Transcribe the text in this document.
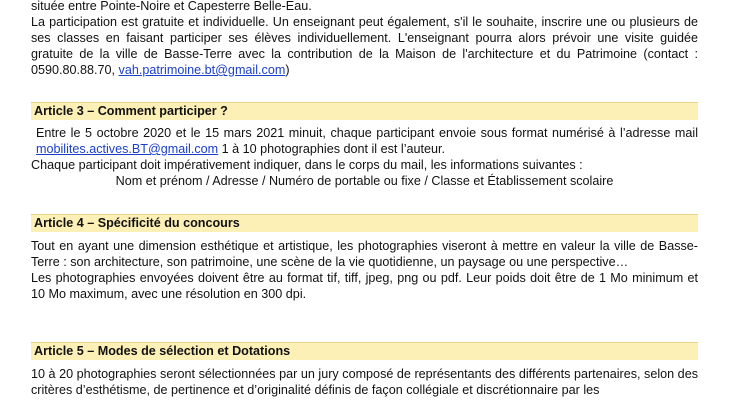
située entre Pointe-Noire et Capesterre Belle-Eau.

La participation est gratuite et individuelle. Un enseignant peut également, s'il le souhaite, inscrire une ou plusieurs de ses classes en faisant participer ses élèves individuellement. L'enseignant pourra alors prévoir une visite guidée gratuite de la ville de Basse-Terre avec la contribution de la Maison de l'architecture et du Patrimoine (contact : 0590.80.88.70, vah.patrimoine.bt@gmail.com)

Article 3 – Comment participer ?

Entre le 5 octobre 2020 et le 15 mars 2021 minuit, chaque participant envoie sous format numérisé à l’adresse mail mobilites.actives.BT@gmail.com 1 à 10 photographies dont il est l’auteur.

Chaque participant doit impérativement indiquer, dans le corps du mail, les informations suivantes :

Nom et prénom / Adresse / Numéro de portable ou fixe / Classe et Établissement scolaire

Article 4 – Spécificité du concours

Tout en ayant une dimension esthétique et artistique, les photographies viseront à mettre en valeur la ville de Basse-Terre : son architecture, son patrimoine, une scène de la vie quotidienne, un paysage ou une perspective…

Les photographies envoyées doivent être au format tif, tiff, jpeg, png ou pdf. Leur poids doit être de 1 Mo minimum et 10 Mo maximum, avec une résolution en 300 dpi.

Article 5 – Modes de sélection et Dotations

10 à 20 photographies seront sélectionnées par un jury composé de représentants des différents partenaires, selon des critères d’esthétisme, de pertinence et d’originalité définis de façon collégiale et discrétionnaire par les
